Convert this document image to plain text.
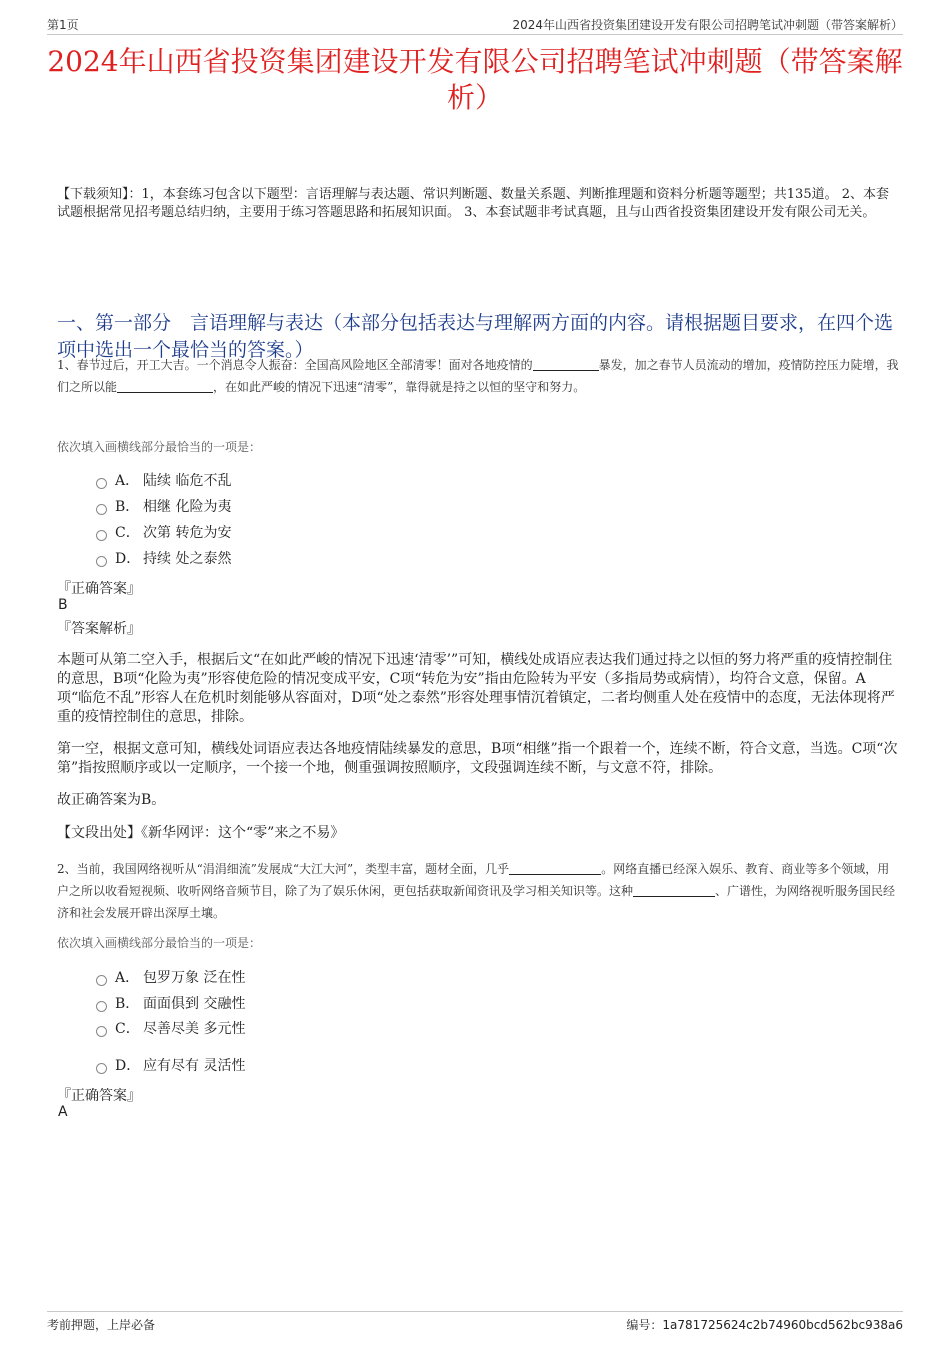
第1页	2024年山西省投资集团建设开发有限公司招聘笔试冲刺题（带答案解析）
2024年山西省投资集团建设开发有限公司招聘笔试冲刺题（带答案解析）
【下载须知】：1，本套练习包含以下题型：言语理解与表达题、常识判断题、数量关系题、判断推理题和资料分析题等题型；共135道。 2、本套试题根据常见招考题总结归纳，主要用于练习答题思路和拓展知识面。 3、本套试题非考试真题，且与山西省投资集团建设开发有限公司无关。
一、第一部分　言语理解与表达（本部分包括表达与理解两方面的内容。请根据题目要求，在四个选项中选出一个最恰当的答案。）
1、春节过后，开工大吉。一个消息令人振奋：全国高风险地区全部清零！面对各地疫情的	暴发，加之春节人员流动的增加，疫情防控压力陡增，我们之所以能	，在如此严峻的情况下迅速“清零”，靠得就是持之以恒的坚守和努力。
依次填入画横线部分最恰当的一项是：
A． 陆续 临危不乱
B． 相继 化险为夷
C． 次第 转危为安
D． 持续 处之泰然
『正确答案』
B
『答案解析』
本题可从第二空入手，根据后文“在如此严峻的情况下迅速‘清零’”可知，横线处成语应表达我们通过持之以恒的努力将严重的疫情控制住的意思，B项“化险为夷”形容使危险的情况变成平安，C项“转危为安”指由危险转为平安（多指局势或病情），均符合文意，保留。A项“临危不乱”形容人在危机时刻能够从容面对，D项“处之泰然”形容处理事情沉着镇定，二者均侧重人处在疫情中的态度，无法体现将严重的疫情控制住的意思，排除。
第一空，根据文意可知，横线处词语应表达各地疫情陆续暴发的意思，B项“相继”指一个跟着一个，连续不断，符合文意，当选。C项“次第”指按照顺序或以一定顺序，一个接一个地，侧重强调按照顺序，文段强调连续不断，与文意不符，排除。
故正确答案为B。
【文段出处】《新华网评：这个“零”来之不易》
2、当前，我国网络视听从“涓涓细流”发展成“大江大河”，类型丰富，题材全面，几乎	。网络直播已经深入娱乐、教育、商业等多个领域，用户之所以收看短视频、收听网络音频节目，除了为了娱乐休闲，更包括获取新闻资讯及学习相关知识等。这种	、广谱性，为网络视听服务国民经济和社会发展开辟出深厚土壤。
依次填入画横线部分最恰当的一项是：
A． 包罗万象 泛在性
B． 面面俱到 交融性
C． 尽善尽美 多元性
D． 应有尽有 灵活性
『正确答案』
A
考前押题，上岸必备	编号：1a781725624c2b74960bcd562bc938a6
